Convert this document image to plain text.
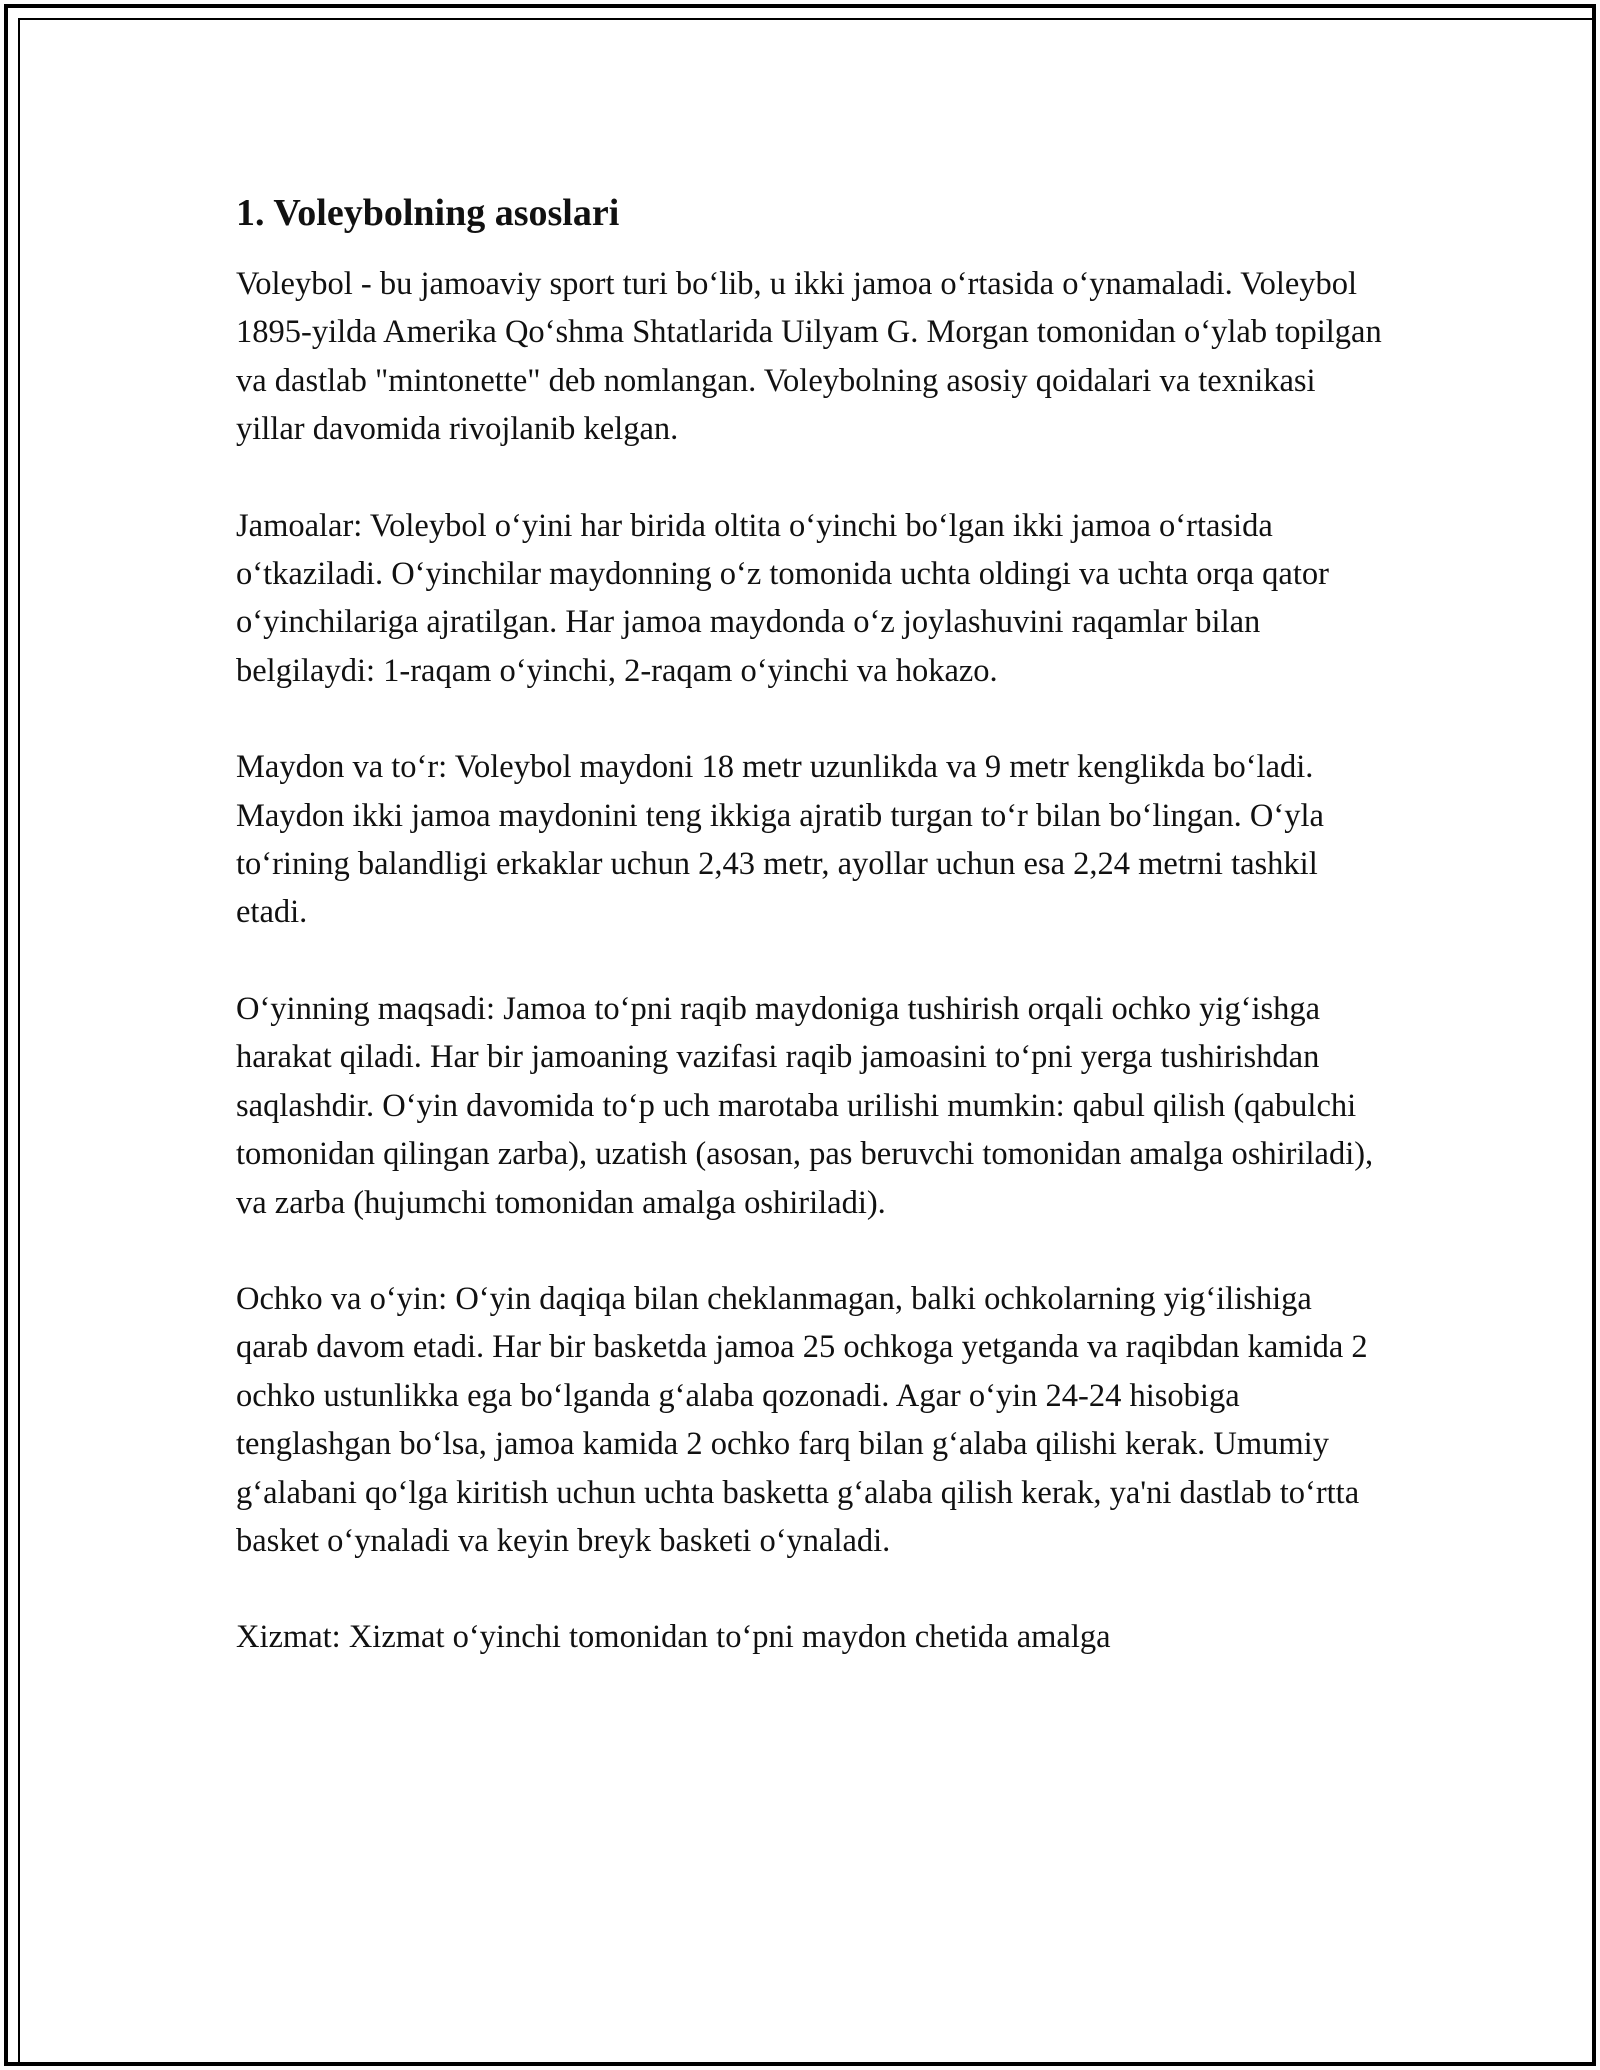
1. Voleybolning asoslari

Voleybol - bu jamoaviy sport turi bo‘lib, u ikki jamoa o‘rtasida o‘ynamaladi. Voleybol 1895-yilda Amerika Qo‘shma Shtatlarida Uilyam G. Morgan tomonidan o‘ylab topilgan va dastlab "mintonette" deb nomlangan. Voleybolning asosiy qoidalari va texnikasi yillar davomida rivojlanib kelgan.

Jamoalar: Voleybol o‘yini har birida oltita o‘yinchi bo‘lgan ikki jamoa o‘rtasida o‘tkaziladi. O‘yinchilar maydonning o‘z tomonida uchta oldingi va uchta orqa qator o‘yinchilariga ajratilgan. Har jamoa maydonda o‘z joylashuvini raqamlar bilan belgilaydi: 1-raqam o‘yinchi, 2-raqam o‘yinchi va hokazo.

Maydon va to‘r: Voleybol maydoni 18 metr uzunlikda va 9 metr kenglikda bo‘ladi. Maydon ikki jamoa maydonini teng ikkiga ajratib turgan to‘r bilan bo‘lingan. O‘yla to‘rining balandligi erkaklar uchun 2,43 metr, ayollar uchun esa 2,24 metrni tashkil etadi.

O‘yinning maqsadi: Jamoa to‘pni raqib maydoniga tushirish orqali ochko yig‘ishga harakat qiladi. Har bir jamoaning vazifasi raqib jamoasini to‘pni yerga tushirishdan saqlashdir. O‘yin davomida to‘p uch marotaba urilishi mumkin: qabul qilish (qabulchi tomonidan qilingan zarba), uzatish (asosan, pas beruvchi tomonidan amalga oshiriladi), va zarba (hujumchi tomonidan amalga oshiriladi).

Ochko va o‘yin: O‘yin daqiqa bilan cheklanmagan, balki ochkolarning yig‘ilishiga qarab davom etadi. Har bir basketda jamoa 25 ochkoga yetganda va raqibdan kamida 2 ochko ustunlikka ega bo‘lganda g‘alaba qozonadi. Agar o‘yin 24-24 hisobiga tenglashgan bo‘lsa, jamoa kamida 2 ochko farq bilan g‘alaba qilishi kerak. Umumiy g‘alabani qo‘lga kiritish uchun uchta basketta g‘alaba qilish kerak, ya'ni dastlab to‘rtta basket o‘ynaladi va keyin breyk basketi o‘ynaladi.

Xizmat: Xizmat o‘yinchi tomonidan to‘pni maydon chetida amalga
